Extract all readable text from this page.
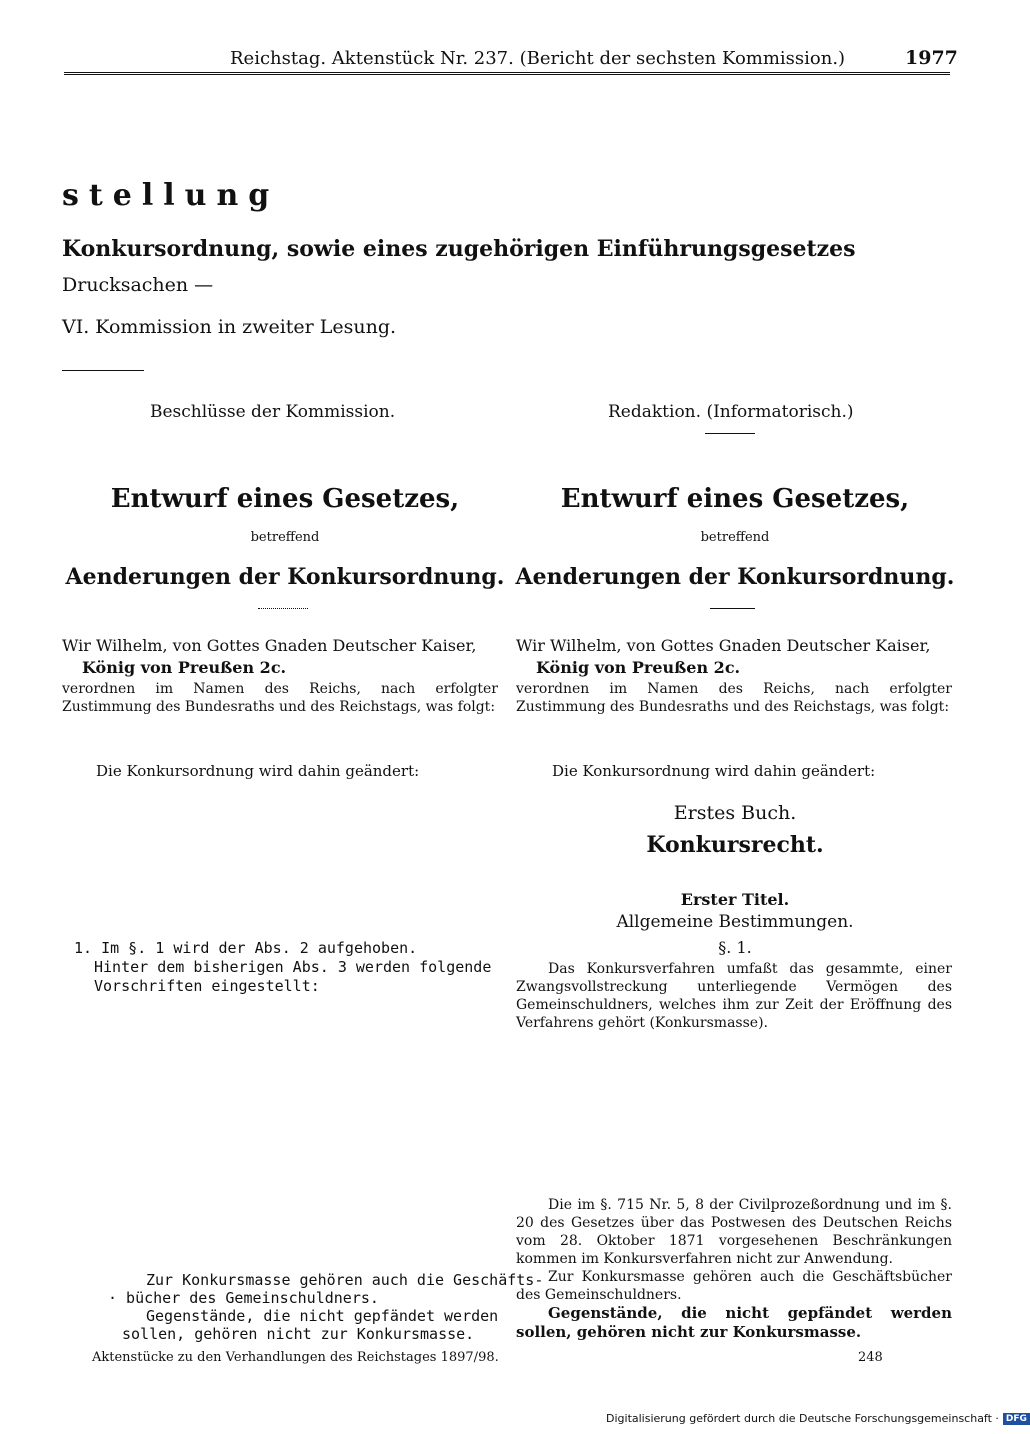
Reichstag. Aktenstück Nr. 237. (Bericht der sechsten Kommission.)	1977
stellung
Konkursordnung, sowie eines zugehörigen Einführungsgesetzes
Drucksachen —
VI. Kommission in zweiter Lesung.
Beschlüsse der Kommission.	Redaktion. (Informatorisch.)
Entwurf eines Gesetzes,
betreffend
Aenderungen der Konkursordnung.
Wir Wilhelm, von Gottes Gnaden Deutscher Kaiser,
König von Preußen 2c.
verordnen im Namen des Reichs, nach erfolgter Zustimmung des Bundesraths und des Reichstags, was folgt:
Die Konkursordnung wird dahin geändert:
1. Im §. 1 wird der Abs. 2 aufgehoben.
Hinter dem bisherigen Abs. 3 werden folgende
Vorschriften eingestellt:
Zur Konkursmasse gehören auch die Geschäfts-
· bücher des Gemeinschuldners.
Gegenstände, die nicht gepfändet werden
sollen, gehören nicht zur Konkursmasse.
Entwurf eines Gesetzes,
betreffend
Aenderungen der Konkursordnung.
Wir Wilhelm, von Gottes Gnaden Deutscher Kaiser,
König von Preußen 2c.
verordnen im Namen des Reichs, nach erfolgter Zustimmung des Bundesraths und des Reichstags, was folgt:
Die Konkursordnung wird dahin geändert:
Erstes Buch.
Konkursrecht.
Erster Titel.
Allgemeine Bestimmungen.
§. 1.
Das Konkursverfahren umfaßt das gesammte, einer Zwangsvollstreckung unterliegende Vermögen des Gemeinschuldners, welches ihm zur Zeit der Eröffnung des Verfahrens gehört (Konkursmasse).
Die im §. 715 Nr. 5, 8 der Civilprozeßordnung und im §. 20 des Gesetzes über das Postwesen des Deutschen Reichs vom 28. Oktober 1871 vorgesehenen Beschränkungen kommen im Konkursverfahren nicht zur Anwendung.
Zur Konkursmasse gehören auch die Geschäftsbücher des Gemeinschuldners.
Gegenstände, die nicht gepfändet werden sollen, gehören nicht zur Konkursmasse.
Aktenstücke zu den Verhandlungen des Reichstages 1897/98.	248
Digitalisierung gefördert durch die Deutsche Forschungsgemeinschaft · DFG
